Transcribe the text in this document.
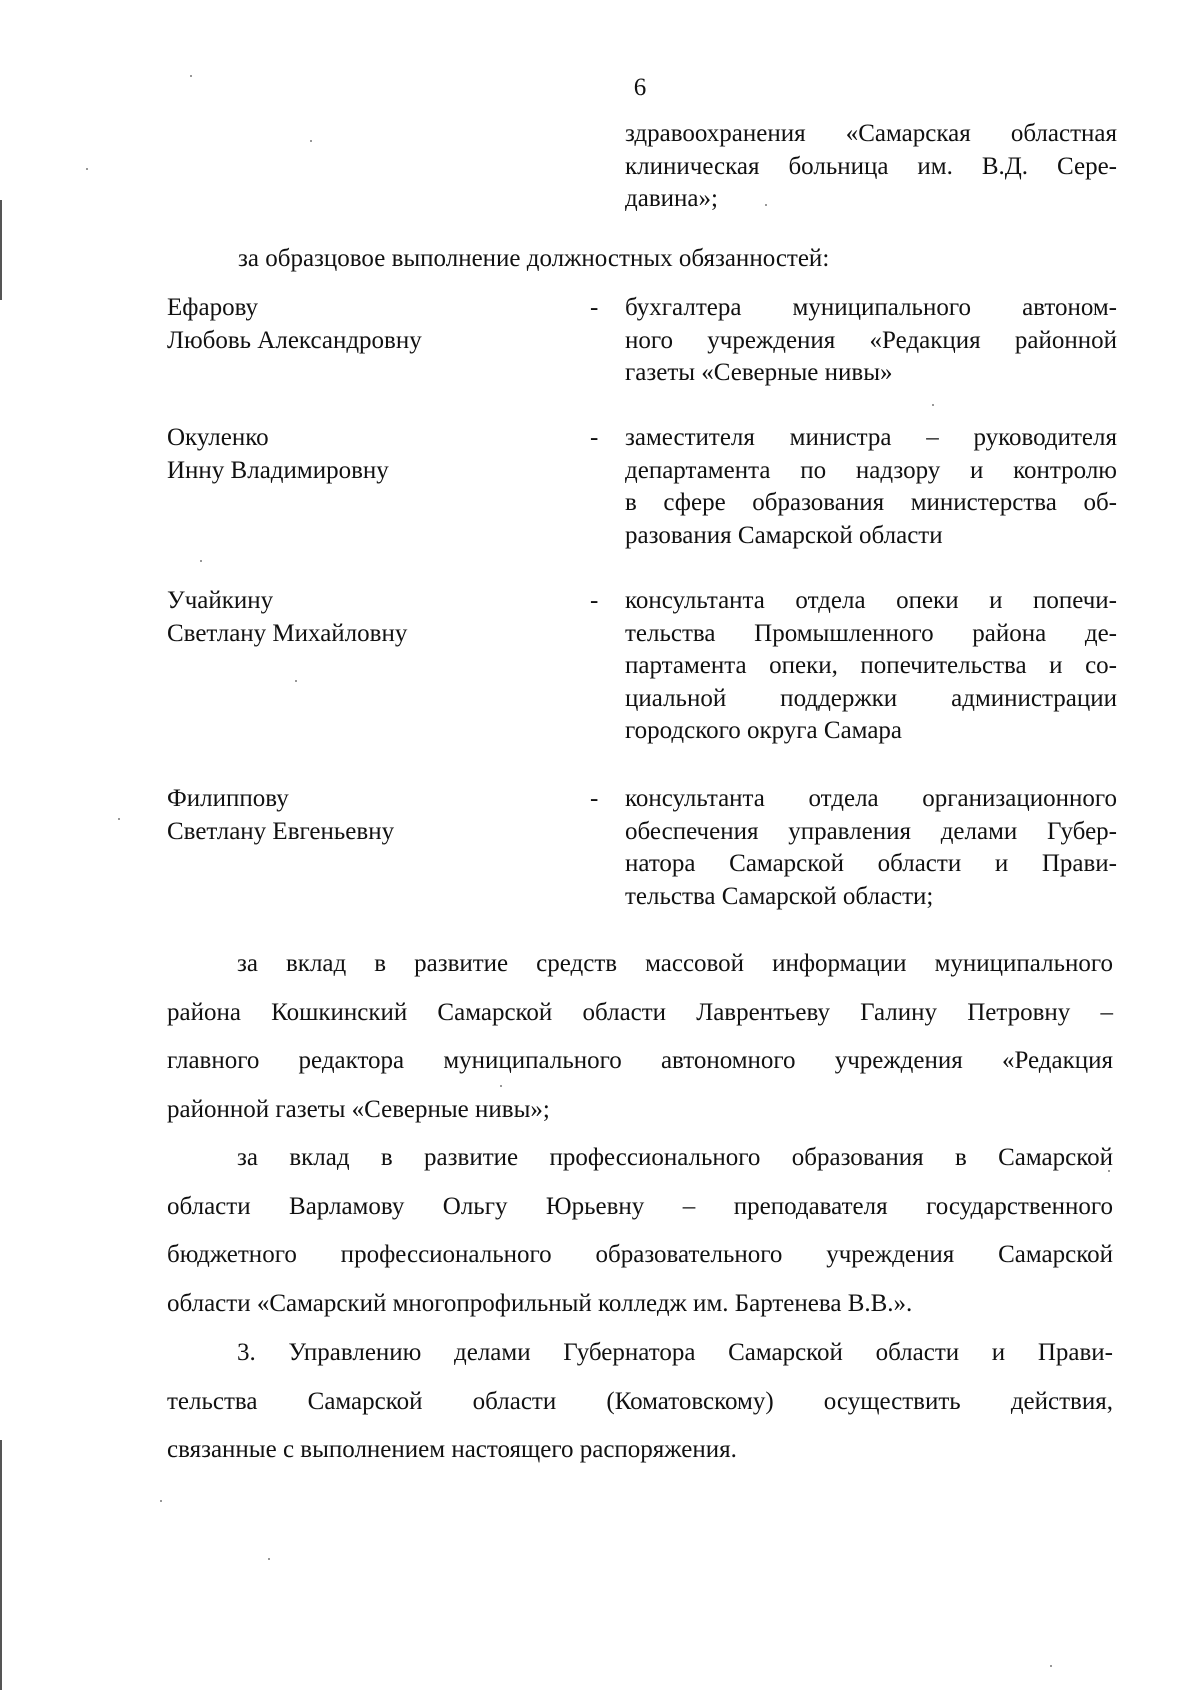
6
здравоохранения «Самарская областная
клиническая больница им. В.Д. Сере-
давина»;
за образцовое выполнение должностных обязанностей:
Ефарову
Любовь Александровну
-	бухгалтера муниципального автоном-
ного учреждения «Редакция районной
газеты «Северные нивы»
Окуленко
Инну Владимировну
-	заместителя министра – руководителя
департамента по надзору и контролю
в сфере образования министерства об-
разования Самарской области
Учайкину
Светлану Михайловну
-	консультанта отдела опеки и попечи-
тельства Промышленного района де-
партамента опеки, попечительства и со-
циальной поддержки администрации
городского округа Самара
Филиппову
Светлану Евгеньевну
-	консультанта отдела организационного
обеспечения управления делами Губер-
натора Самарской области и Прави-
тельства Самарской области;
за вклад в развитие средств массовой информации муниципального
района Кошкинский Самарской области Лаврентьеву Галину Петровну –
главного редактора муниципального автономного учреждения «Редакция
районной газеты «Северные нивы»;
за вклад в развитие профессионального образования в Самарской
области Варламову Ольгу Юрьевну – преподавателя государственного
бюджетного профессионального образовательного учреждения Самарской
области «Самарский многопрофильный колледж им. Бартенева В.В.».
3. Управлению делами Губернатора Самарской области и Прави-
тельства Самарской области (Коматовскому) осуществить действия,
связанные с выполнением настоящего распоряжения.
